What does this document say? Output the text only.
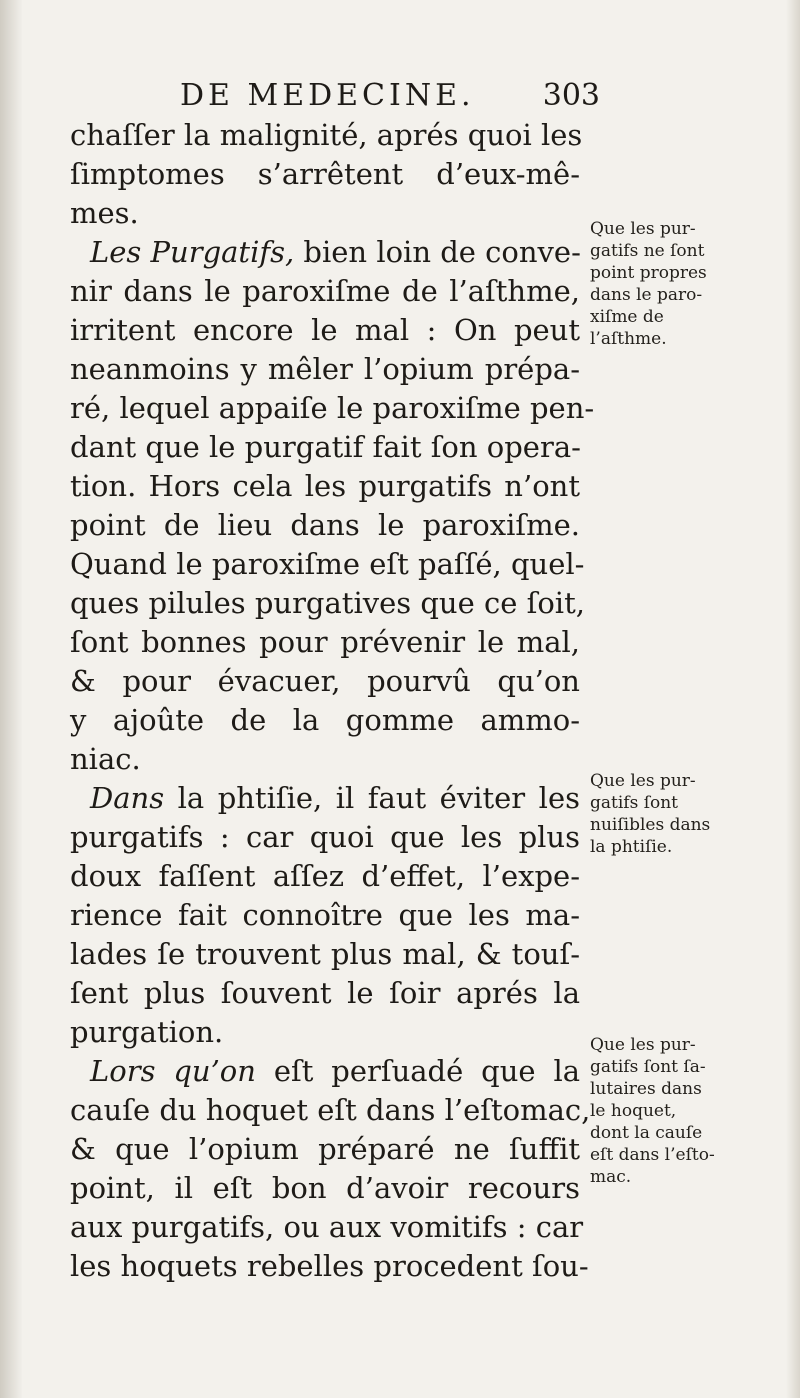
DE MEDECINE. 303
chaſſer la malignité, aprés quoi les
ſimptomes s’arrêtent d’eux-mê-
mes.
Les Purgatifs, bien loin de conve-
nir dans le paroxiſme de l’aſthme,
irritent encore le mal : On peut
neanmoins y mêler l’opium prépa-
ré, lequel appaiſe le paroxiſme pen-
dant que le purgatif fait ſon opera-
tion. Hors cela les purgatifs n’ont
point de lieu dans le paroxiſme.
Quand le paroxiſme eſt paſſé, quel-
ques pilules purgatives que ce ſoit,
ſont bonnes pour prévenir le mal,
& pour évacuer, pourvû qu’on
y ajoûte de la gomme ammo-
niac.
Dans la phtiſie, il faut éviter les
purgatifs : car quoi que les plus
doux faſſent aſſez d’effet, l’expe-
rience fait connoître que les ma-
lades ſe trouvent plus mal, & touſ-
ſent plus ſouvent le ſoir aprés la
purgation.
Lors qu’on eſt perſuadé que la
cauſe du hoquet eſt dans l’eſtomac,
& que l’opium préparé ne ſuffit
point, il eſt bon d’avoir recours
aux purgatifs, ou aux vomitifs : car
les hoquets rebelles procedent ſou-
Que les pur-
gatifs ne ſont
point propres
dans le paro-
xiſme de
l’aſthme.
Que les pur-
gatifs ſont
nuiſibles dans
la phtiſie.
Que les pur-
gatifs ſont ſa-
lutaires dans
le hoquet,
dont la cauſe
eſt dans l’eſto-
mac.
